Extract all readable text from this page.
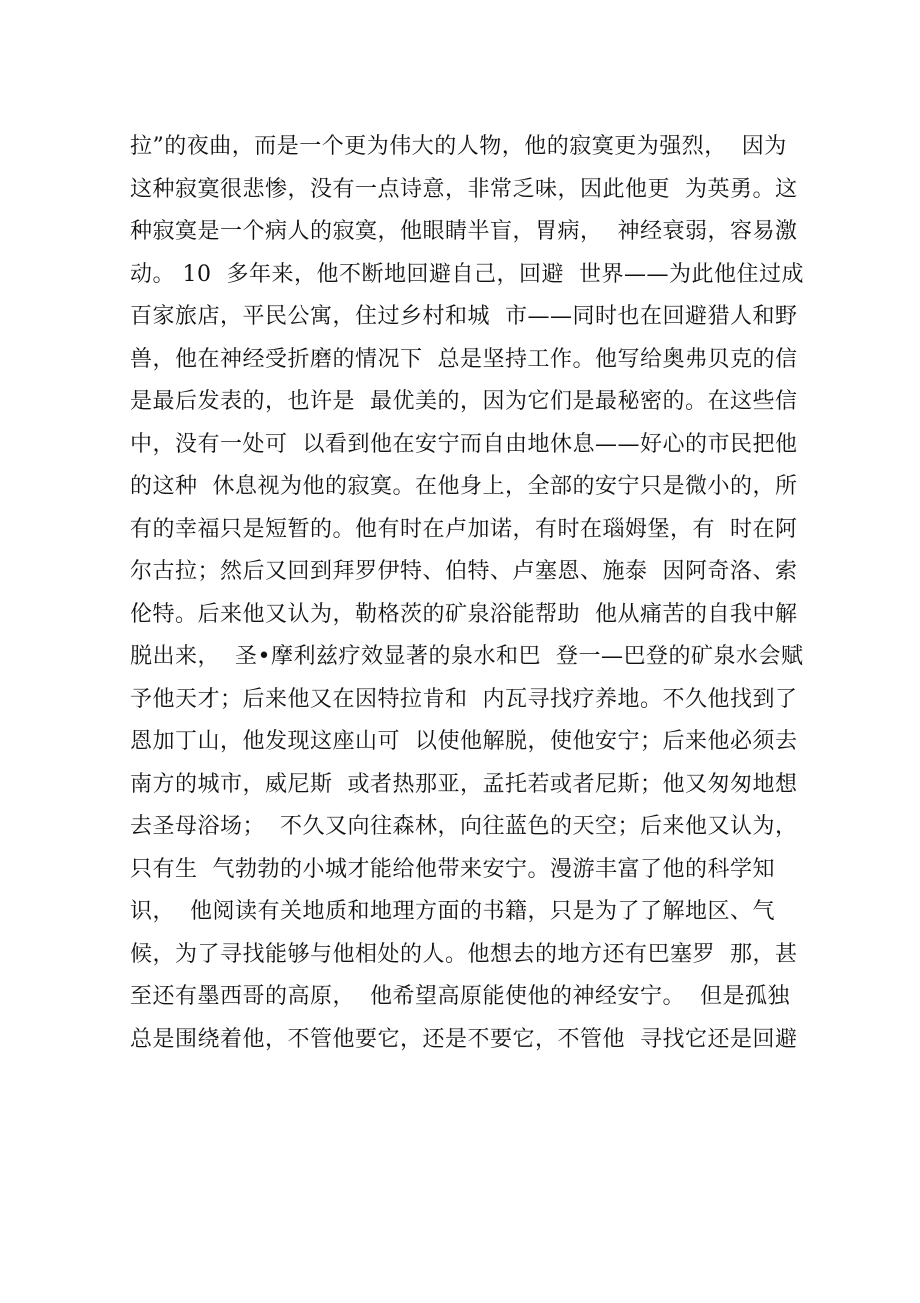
拉”的夜曲，而是一个更为伟大的人物，他的寂寞更为强烈，  因为
这种寂寞很悲惨，没有一点诗意，非常乏味，因此他更  为英勇。这
种寂寞是一个病人的寂寞，他眼睛半盲，胃病，  神经衰弱，容易激
动。 10  多年来，他不断地回避自己，回避  世界——为此他住过成
百家旅店，平民公寓，住过乡村和城  市——同时也在回避猎人和野
兽，他在神经受折磨的情况下  总是坚持工作。他写给奥弗贝克的信
是最后发表的，也许是  最优美的，因为它们是最秘密的。在这些信
中，没有一处可  以看到他在安宁而自由地休息——好心的市民把他
的这种  休息视为他的寂寞。在他身上，全部的安宁只是微小的，所
有的幸福只是短暂的。他有时在卢加诺，有时在瑙姆堡，有  时在阿
尔古拉；然后又回到拜罗伊特、伯特、卢塞恩、施泰  因阿奇洛、索
伦特。后来他又认为，勒格茨的矿泉浴能帮助  他从痛苦的自我中解
脱出来，  圣•摩利兹疗效显著的泉水和巴  登一—巴登的矿泉水会赋
予他天才；后来他又在因特拉肯和  内瓦寻找疗养地。不久他找到了
恩加丁山，他发现这座山可  以使他解脱，使他安宁；后来他必须去
南方的城市，威尼斯  或者热那亚，孟托若或者尼斯；他又匆匆地想
去圣母浴场；  不久又向往森林，向往蓝色的天空；后来他又认为，
只有生  气勃勃的小城才能给他带来安宁。漫游丰富了他的科学知
识，  他阅读有关地质和地理方面的书籍，只是为了了解地区、气
候，为了寻找能够与他相处的人。他想去的地方还有巴塞罗  那，甚
至还有墨西哥的高原，  他希望高原能使他的神经安宁。  但是孤独
总是围绕着他，不管他要它，还是不要它，不管他  寻找它还是回避
